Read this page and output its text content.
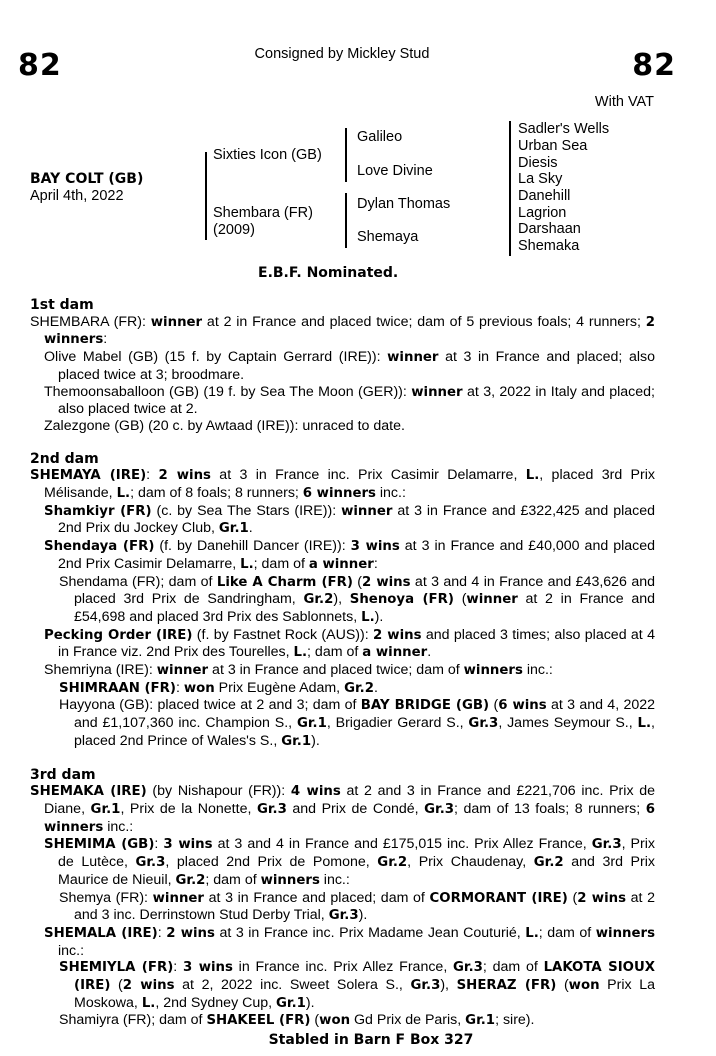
82	Consigned by Mickley Stud	82
With VAT
BAY COLT (GB)
April 4th, 2022
Sixties Icon (GB)
Shembara (FR)
(2009)
Galileo
Love Divine
Dylan Thomas
Shemaya
Sadler's Wells
Urban Sea
Diesis
La Sky
Danehill
Lagrion
Darshaan
Shemaka
E.B.F. Nominated.
1st dam
SHEMBARA (FR): winner at 2 in France and placed twice; dam of 5 previous foals; 4 runners; 2 winners:
Olive Mabel (GB) (15 f. by Captain Gerrard (IRE)): winner at 3 in France and placed; also placed twice at 3; broodmare.
Themoonsaballoon (GB) (19 f. by Sea The Moon (GER)): winner at 3, 2022 in Italy and placed; also placed twice at 2.
Zalezgone (GB) (20 c. by Awtaad (IRE)): unraced to date.
2nd dam
SHEMAYA (IRE): 2 wins at 3 in France inc. Prix Casimir Delamarre, L., placed 3rd Prix Mélisande, L.; dam of 8 foals; 8 runners; 6 winners inc.:
Shamkiyr (FR) (c. by Sea The Stars (IRE)): winner at 3 in France and £322,425 and placed 2nd Prix du Jockey Club, Gr.1.
Shendaya (FR) (f. by Danehill Dancer (IRE)): 3 wins at 3 in France and £40,000 and placed 2nd Prix Casimir Delamarre, L.; dam of a winner:
Shendama (FR); dam of Like A Charm (FR) (2 wins at 3 and 4 in France and £43,626 and placed 3rd Prix de Sandringham, Gr.2), Shenoya (FR) (winner at 2 in France and £54,698 and placed 3rd Prix des Sablonnets, L.).
Pecking Order (IRE) (f. by Fastnet Rock (AUS)): 2 wins and placed 3 times; also placed at 4 in France viz. 2nd Prix des Tourelles, L.; dam of a winner.
Shemriyna (IRE): winner at 3 in France and placed twice; dam of winners inc.:
SHIMRAAN (FR): won Prix Eugène Adam, Gr.2.
Hayyona (GB): placed twice at 2 and 3; dam of BAY BRIDGE (GB) (6 wins at 3 and 4, 2022 and £1,107,360 inc. Champion S., Gr.1, Brigadier Gerard S., Gr.3, James Seymour S., L., placed 2nd Prince of Wales's S., Gr.1).
3rd dam
SHEMAKA (IRE) (by Nishapour (FR)): 4 wins at 2 and 3 in France and £221,706 inc. Prix de Diane, Gr.1, Prix de la Nonette, Gr.3 and Prix de Condé, Gr.3; dam of 13 foals; 8 runners; 6 winners inc.:
SHEMIMA (GB): 3 wins at 3 and 4 in France and £175,015 inc. Prix Allez France, Gr.3, Prix de Lutèce, Gr.3, placed 2nd Prix de Pomone, Gr.2, Prix Chaudenay, Gr.2 and 3rd Prix Maurice de Nieuil, Gr.2; dam of winners inc.:
Shemya (FR): winner at 3 in France and placed; dam of CORMORANT (IRE) (2 wins at 2 and 3 inc. Derrinstown Stud Derby Trial, Gr.3).
SHEMALA (IRE): 2 wins at 3 in France inc. Prix Madame Jean Couturié, L.; dam of winners inc.:
SHEMIYLA (FR): 3 wins in France inc. Prix Allez France, Gr.3; dam of LAKOTA SIOUX (IRE) (2 wins at 2, 2022 inc. Sweet Solera S., Gr.3), SHERAZ (FR) (won Prix La Moskowa, L., 2nd Sydney Cup, Gr.1).
Shamiyra (FR); dam of SHAKEEL (FR) (won Gd Prix de Paris, Gr.1; sire).
Stabled in Barn F Box 327
